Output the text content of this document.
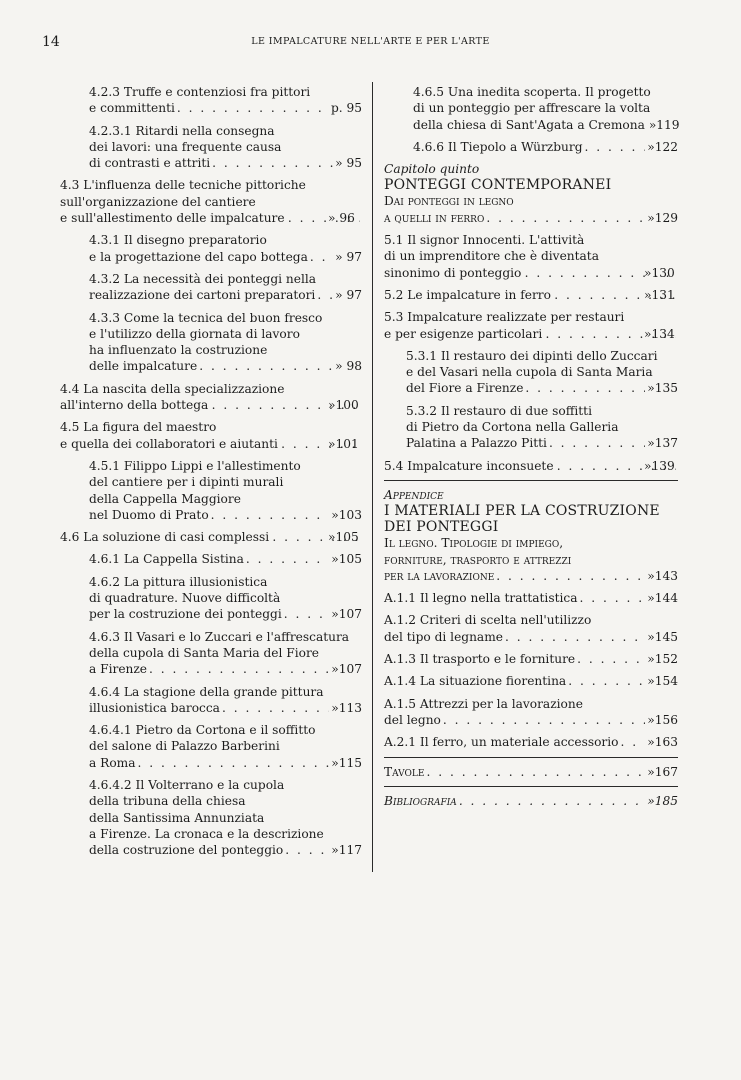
14	LE IMPALCATURE NELL'ARTE E PER L'ARTE
4.2.3 Truffe e contenziosi fra pittori
e committenti . . .	p. 95
4.2.3.1 Ritardi nella consegna
dei lavori: una frequente causa
di contrasti e attriti . . .	» 95
4.3 L'influenza delle tecniche pittoriche
sull'organizzazione del cantiere
e sull'allestimento delle impalcature . . .	» 96
4.3.1 Il disegno preparatorio
e la progettazione del capo bottega . . . » 97
4.3.2 La necessità dei ponteggi nella
realizzazione dei cartoni preparatori . . . » 97
4.3.3 Come la tecnica del buon fresco
e l'utilizzo della giornata di lavoro
ha influenzato la costruzione
delle impalcature . . .	» 98
4.4 La nascita della specializzazione
all'interno della bottega . . .	»100
4.5 La figura del maestro
e quella dei collaboratori e aiutanti . . .	»101
4.5.1 Filippo Lippi e l'allestimento
del cantiere per i dipinti murali
della Cappella Maggiore
nel Duomo di Prato . . .	»103
4.6 La soluzione di casi complessi . . .	»105
4.6.1 La Cappella Sistina . . .	»105
4.6.2 La pittura illusionistica
di quadrature. Nuove difficoltà
per la costruzione dei ponteggi . . .	»107
4.6.3 Il Vasari e lo Zuccari e l'affrescatura
della cupola di Santa Maria del Fiore
a Firenze . . .	»107
4.6.4 La stagione della grande pittura
illusionistica barocca . . .	»113
4.6.4.1 Pietro da Cortona e il soffitto
del salone di Palazzo Barberini
a Roma . . .	»115
4.6.4.2 Il Volterrano e la cupola
della tribuna della chiesa
della Santissima Annunziata
a Firenze. La cronaca e la descrizione
della costruzione del ponteggio . . .	»117
4.6.5 Una inedita scoperta. Il progetto
di un ponteggio per affrescare la volta
della chiesa di Sant'Agata a Cremona »119
4.6.6 Il Tiepolo a Würzburg . . .	»122
Capitolo quinto
PONTEGGI CONTEMPORANEI
Dai ponteggi in legno
a quelli in ferro . . .	»129
5.1 Il signor Innocenti. L'attività
di un imprenditore che è diventata
sinonimo di ponteggio . . .	»130
5.2 Le impalcature in ferro . . .	»131
5.3 Impalcature realizzate per restauri
e per esigenze particolari . . .	»134
5.3.1 Il restauro dei dipinti dello Zuccari
e del Vasari nella cupola di Santa Maria
del Fiore a Firenze . . .	»135
5.3.2 Il restauro di due soffitti
di Pietro da Cortona nella Galleria
Palatina a Palazzo Pitti . . .	»137
5.4 Impalcature inconsuete . . .	»139
Appendice
I MATERIALI PER LA COSTRUZIONE
DEI PONTEGGI
Il legno. Tipologie di impiego,
forniture, trasporto e attrezzi
per la lavorazione . . .	»143
A.1.1 Il legno nella trattatistica . . .	»144
A.1.2 Criteri di scelta nell'utilizzo
del tipo di legname . . .	»145
A.1.3 Il trasporto e le forniture . . .	»152
A.1.4 La situazione fiorentina . . .	»154
A.1.5 Attrezzi per la lavorazione
del legno . . .	»156
A.2.1 Il ferro, un materiale accessorio . . . »163
Tavole . . .	»167
Bibliografia . . .	»185
